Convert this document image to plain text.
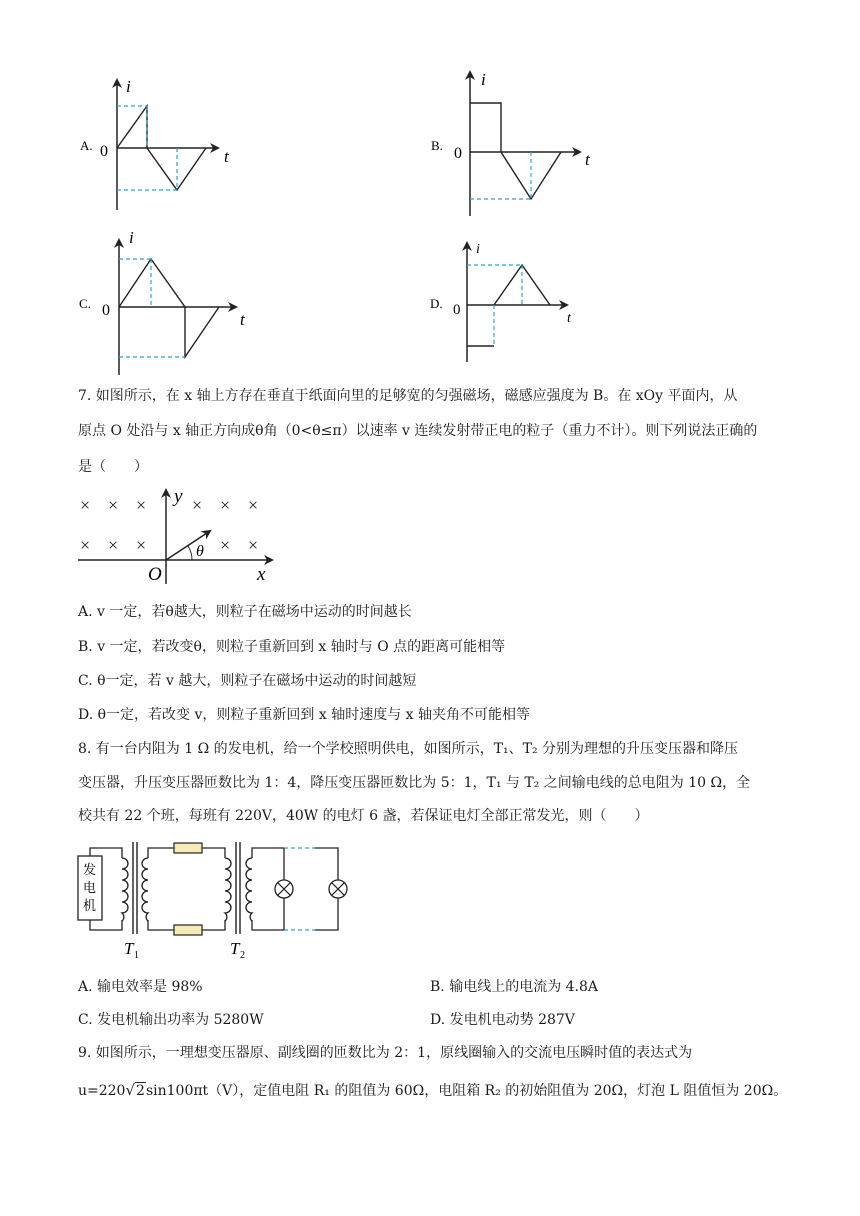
A.
i
t
0	B.
i
t
0
C.
i
t
0	D.
i
t
0
7. 如图所示，在 x 轴上方存在垂直于纸面向里的足够宽的匀强磁场，磁感应强度为 B。在 xOy 平面内，从
原点 O 处沿与 x 轴正方向成θ角（0<θ≤π）以速率 v 连续发射带正电的粒子（重力不计）。则下列说法正确的
是（　　）
× × ×	× × ×
× × ×	× ×
y
x
O
θ
A. v 一定，若θ越大，则粒子在磁场中运动的时间越长
B. v 一定，若改变θ，则粒子重新回到 x 轴时与 O 点的距离可能相等
C. θ一定，若 v 越大，则粒子在磁场中运动的时间越短
D. θ一定，若改变 v，则粒子重新回到 x 轴时速度与 x 轴夹角不可能相等
8. 有一台内阻为 1 Ω 的发电机，给一个学校照明供电，如图所示，T₁、T₂ 分别为理想的升压变压器和降压
变压器，升压变压器匝数比为 1：4，降压变压器匝数比为 5：1，T₁ 与 T₂ 之间输电线的总电阻为 10 Ω，全
校共有 22 个班，每班有 220V，40W 的电灯 6 盏，若保证电灯全部正常发光，则（　　）
发
电
机
T 1	T 2
A. 输电效率是 98%	B. 输电线上的电流为 4.8A
C. 发电机输出功率为 5280W	D. 发电机电动势 287V
9. 如图所示，一理想变压器原、副线圈的匝数比为 2：1，原线圈输入的交流电压瞬时值的表达式为
u=220√2sin100πt（V），定值电阻 R₁ 的阻值为 60Ω，电阻箱 R₂ 的初始阻值为 20Ω，灯泡 L 阻值恒为 20Ω。
